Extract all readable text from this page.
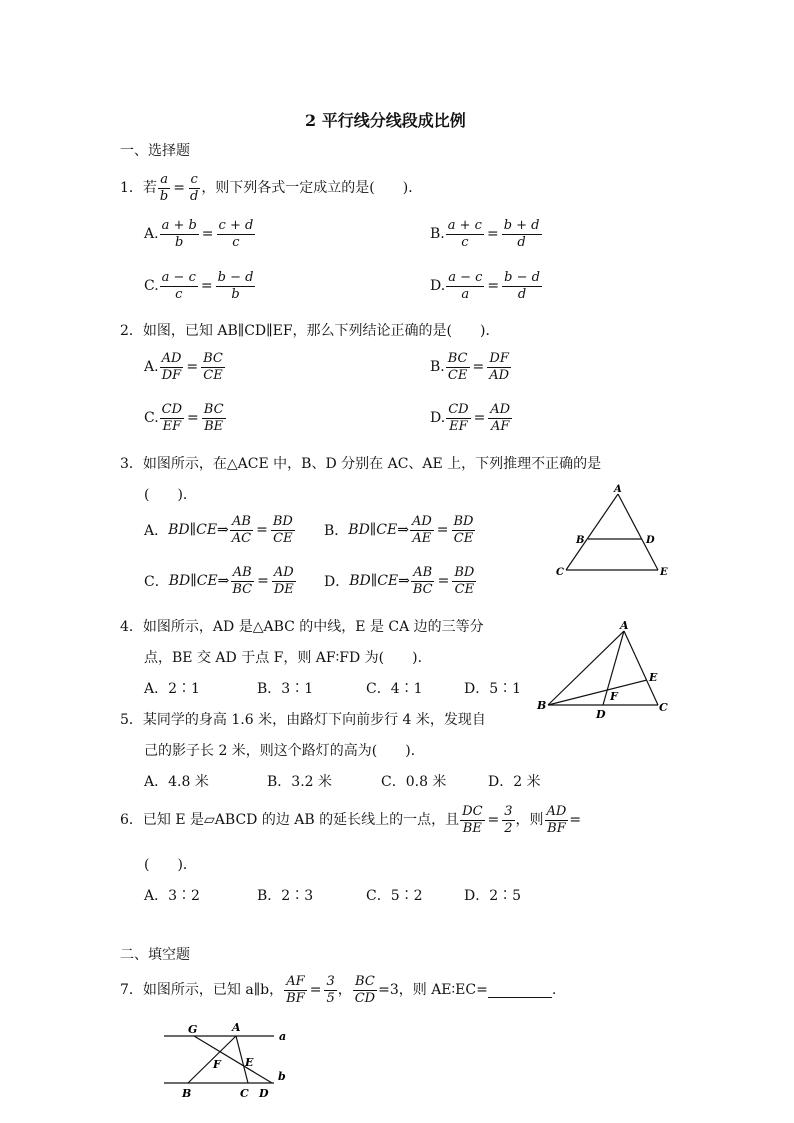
2 平行线分线段成比例
一、选择题
1．若 $\frac{a}{b} = \frac{c}{d}$ ，则下列各式一定成立的是(　　)．
A. $\frac{a + b}{b} = \frac{c + d}{c}$	B. $\frac{a + c}{c} = \frac{b + d}{d}$
C. $\frac{a - c}{c} = \frac{b - d}{b}$	D. $\frac{a - c}{a} = \frac{b - d}{d}$
2．如图，已知 AB∥CD∥EF，那么下列结论正确的是(　　)．
A. $\frac{AD}{DF} = \frac{BC}{CE}$	B. $\frac{BC}{CE} = \frac{DF}{AD}$
C. $\frac{CD}{EF} = \frac{BC}{BE}$	D. $\frac{CD}{EF} = \frac{AD}{AF}$
3．如图所示，在△ACE 中，B、D 分别在 AC、AE 上，下列推理不正确的是
(　　)．
A． BD∥CE⇒ $\frac{AB}{AC} = \frac{BD}{CE}$ B． BD∥CE⇒ $\frac{AD}{AE} = \frac{BD}{CE}$
C． BD∥CE⇒ $\frac{AB}{BC} = \frac{AD}{DE}$ D． BD∥CE⇒ $\frac{AB}{BC} = \frac{BD}{CE}$
A
B	D
C	E
4．如图所示，AD 是△ABC 的中线，E 是 CA 边的三等分
点，BE 交 AD 于点 F，则 AF∶FD 为(　　)．
A．2∶1	B．3∶1	C．4∶1	D．5∶1
A
B	C
D
E
F
5．某同学的身高 1.6 米，由路灯下向前步行 4 米，发现自
己的影子长 2 米，则这个路灯的高为(　　)．
A．4.8 米	B．3.2 米	C．0.8 米	D．2 米
6．已知 E 是▱ABCD 的边 AB 的延长线上的一点，且 $\frac{DC}{BE} = \frac{3}{2}$ ，则 $\frac{AD}{BF}$ =
(　　)．
A．3∶2	B．2∶3	C．5∶2	D．2∶5
二、填空题
7．如图所示，已知 a∥b， $\frac{AF}{BF} = \frac{3}{5}$ ， $\frac{BC}{CD} =3$，则 AE∶EC=	.
G	A
a
E
F
b
B	C D
